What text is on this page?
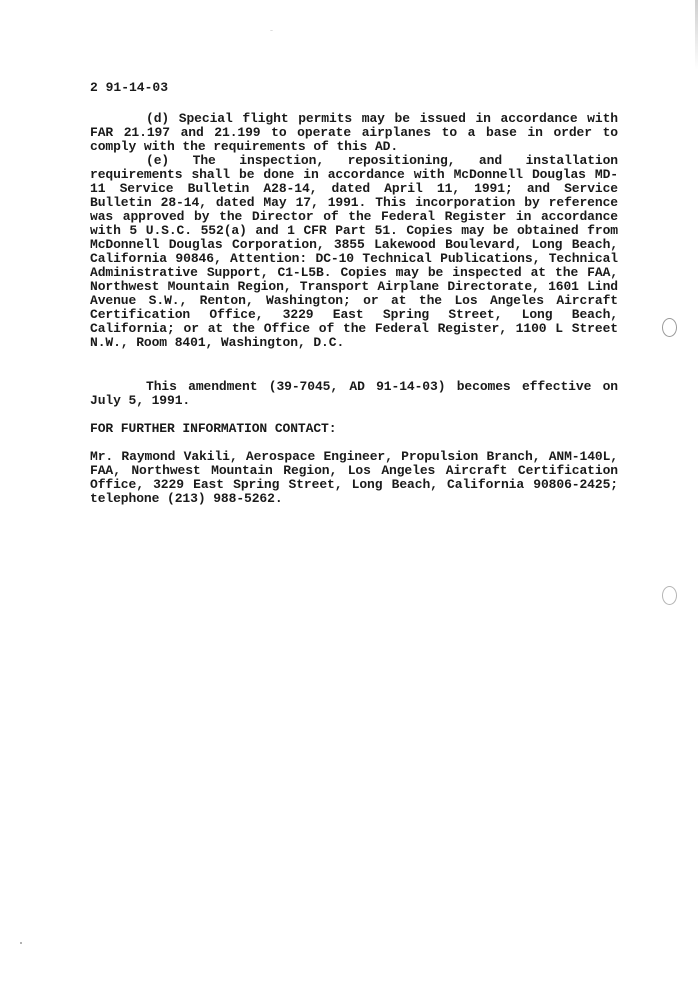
2 91-14-03

(d) Special flight permits may be issued in accordance with FAR 21.197 and 21.199 to operate airplanes to a base in order to comply with the requirements of this AD.

(e) The inspection, repositioning, and installation requirements shall be done in accordance with McDonnell Douglas MD-11 Service Bulletin A28-14, dated April 11, 1991; and Service Bulletin 28-14, dated May 17, 1991. This incorporation by reference was approved by the Director of the Federal Register in accordance with 5 U.S.C. 552(a) and 1 CFR Part 51. Copies may be obtained from McDonnell Douglas Corporation, 3855 Lakewood Boulevard, Long Beach, California 90846, Attention: DC-10 Technical Publications, Technical Administrative Support, C1-L5B. Copies may be inspected at the FAA, Northwest Mountain Region, Transport Airplane Directorate, 1601 Lind Avenue S.W., Renton, Washington; or at the Los Angeles Aircraft Certification Office, 3229 East Spring Street, Long Beach, California; or at the Office of the Federal Register, 1100 L Street N.W., Room 8401, Washington, D.C.

This amendment (39-7045, AD 91-14-03) becomes effective on July 5, 1991.

FOR FURTHER INFORMATION CONTACT:

Mr. Raymond Vakili, Aerospace Engineer, Propulsion Branch, ANM-140L, FAA, Northwest Mountain Region, Los Angeles Aircraft Certification Office, 3229 East Spring Street, Long Beach, California 90806-2425; telephone (213) 988-5262.
